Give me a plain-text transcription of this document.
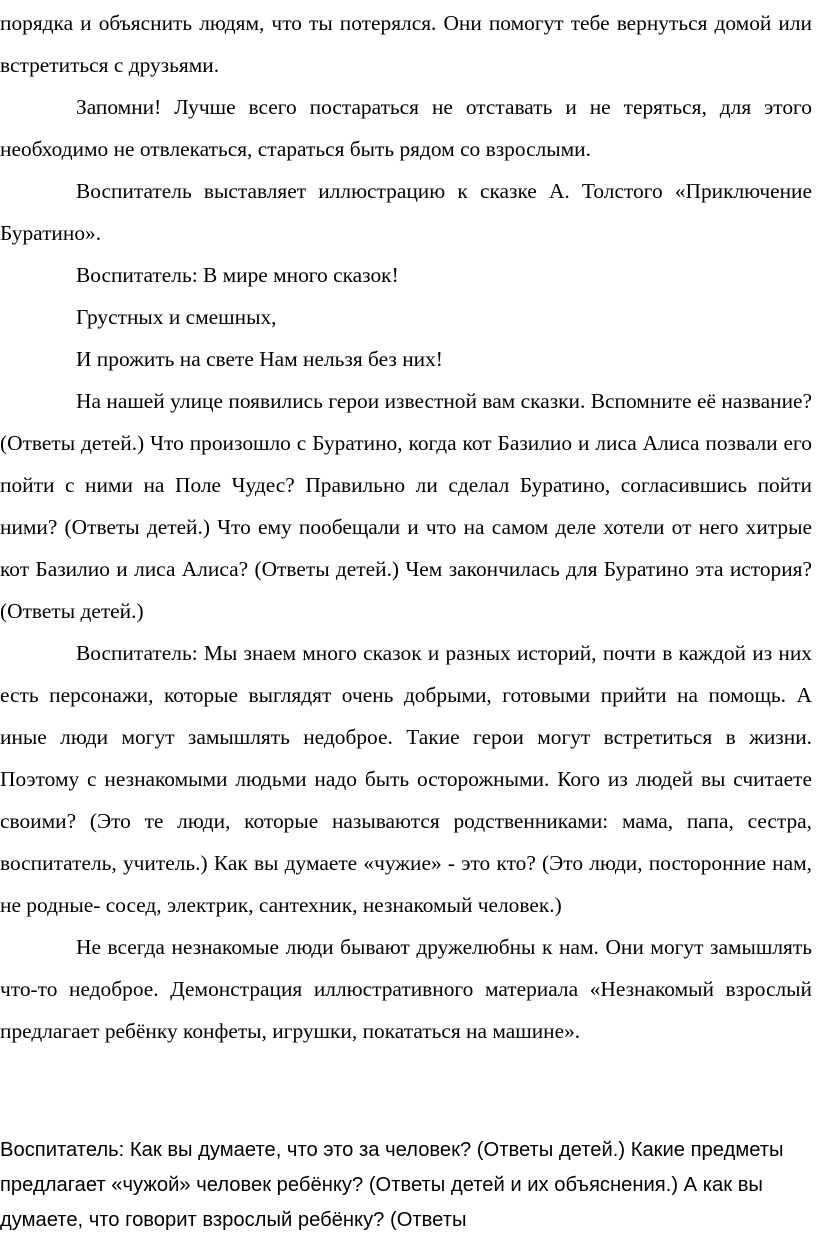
порядка и объяснить людям, что ты потерялся. Они помогут тебе вернуться домой или встретиться с друзьями.

Запомни! Лучше всего постараться не отставать и не теряться, для этого необходимо не отвлекаться, стараться быть рядом со взрослыми.

Воспитатель выставляет иллюстрацию к сказке А. Толстого «Приключение Буратино».

Воспитатель: В мире много сказок!

Грустных и смешных,

И прожить на свете Нам нельзя без них!

На нашей улице появились герои известной вам сказки. Вспомните её название? (Ответы детей.) Что произошло с Буратино, когда кот Базилио и лиса Алиса позвали его пойти с ними на Поле Чудес? Правильно ли сделал Буратино, согласившись пойти ними? (Ответы детей.) Что ему пообещали и что на самом деле хотели от него хитрые кот Базилио и лиса Алиса? (Ответы детей.) Чем закончилась для Буратино эта история? (Ответы детей.)

Воспитатель: Мы знаем много сказок и разных историй, почти в каждой из них есть персонажи, которые выглядят очень добрыми, готовыми прийти на помощь. А иные люди могут замышлять недоброе. Такие герои могут встретиться в жизни. Поэтому с незнакомыми людьми надо быть осторожными. Кого из людей вы считаете своими? (Это те люди, которые называются родственниками: мама, папа, сестра, воспитатель, учитель.) Как вы думаете «чужие» - это кто? (Это люди, посторонние нам, не родные- сосед, электрик, сантехник, незнакомый человек.)

Не всегда незнакомые люди бывают дружелюбны к нам. Они могут замышлять что-то недоброе. Демонстрация иллюстративного материала «Незнакомый взрослый предлагает ребёнку конфеты, игрушки, покататься на машине».

Воспитатель: Как вы думаете, что это за человек? (Ответы детей.) Какие предметы предлагает «чужой» человек ребёнку? (Ответы детей и их объяснения.) А как вы думаете, что говорит взрослый ребёнку? (Ответы
